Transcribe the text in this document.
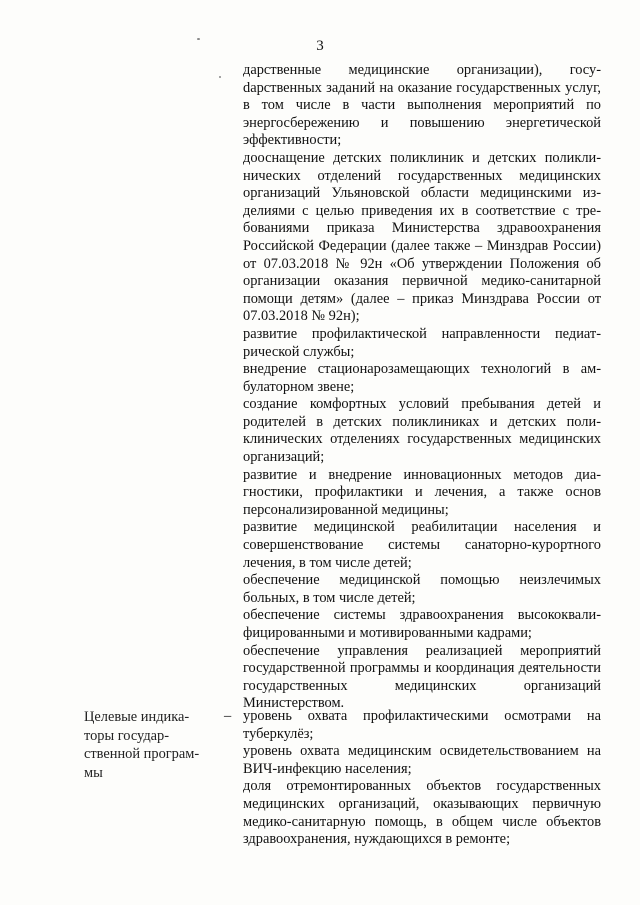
3

дарственные медицинские организации), госуdарственных заданий на оказание государственных услуг, в том числе в части выполнения мероприятий по энергосбережению и повышению энергетической эффективности;

дооснащение детских поликлиник и детских поликлинических отделений государственных медицинских организаций Ульяновской области медицинскими изделиями с целью приведения их в соответствие с требованиями приказа Министерства здравоохранения Российской Федерации (далее также – Минздрав России) от 07.03.2018 № 92н «Об утверждении Положения об организации оказания первичной медико-санитарной помощи детям» (далее – приказ Минздрава России от 07.03.2018 № 92н);

развитие профилактической направленности педиатрической службы;

внедрение стационарозамещающих технологий в амбулаторном звене;

создание комфортных условий пребывания детей и родителей в детских поликлиниках и детских поликлинических отделениях государственных медицинских организаций;

развитие и внедрение инновационных методов диагностики, профилактики и лечения, а также основ персонализированной медицины;

развитие медицинской реабилитации населения и совершенствование системы санаторно-курортного лечения, в том числе детей;

обеспечение медицинской помощью неизлечимых больных, в том числе детей;

обеспечение системы здравоохранения высококвалифицированными и мотивированными кадрами;

обеспечение управления реализацией мероприятий государственной программы и координация деятельности государственных медицинских организаций Министерством.

Целевые индика-
торы государ-
ственной програм-
мы
– уровень охвата профилактическими осмотрами на туберкулёз;

уровень охвата медицинским освидетельствованием на ВИЧ-инфекцию населения;

доля отремонтированных объектов государственных медицинских организаций, оказывающих первичную медико-санитарную помощь, в общем числе объектов здравоохранения, нуждающихся в ремонте;
